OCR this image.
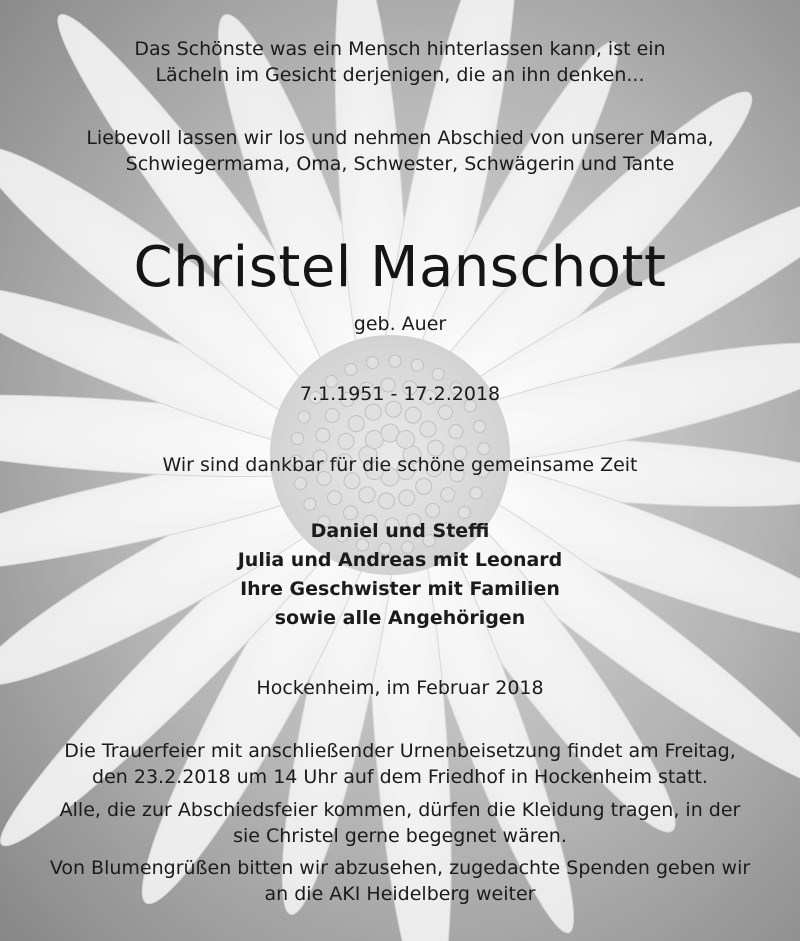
Das Schönste was ein Mensch hinterlassen kann, ist ein
Lächeln im Gesicht derjenigen, die an ihn denken...
Liebevoll lassen wir los und nehmen Abschied von unserer Mama,
Schwiegermama, Oma, Schwester, Schwägerin und Tante
Christel Manschott
geb. Auer
7.1.1951 - 17.2.2018
Wir sind dankbar für die schöne gemeinsame Zeit
Daniel und Steffi
Julia und Andreas mit Leonard
Ihre Geschwister mit Familien
sowie alle Angehörigen
Hockenheim, im Februar 2018
Die Trauerfeier mit anschließender Urnenbeisetzung findet am Freitag,
den 23.2.2018 um 14 Uhr auf dem Friedhof in Hockenheim statt.
Alle, die zur Abschiedsfeier kommen, dürfen die Kleidung tragen, in der
sie Christel gerne begegnet wären.
Von Blumengrüßen bitten wir abzusehen, zugedachte Spenden geben wir
an die AKI Heidelberg weiter
